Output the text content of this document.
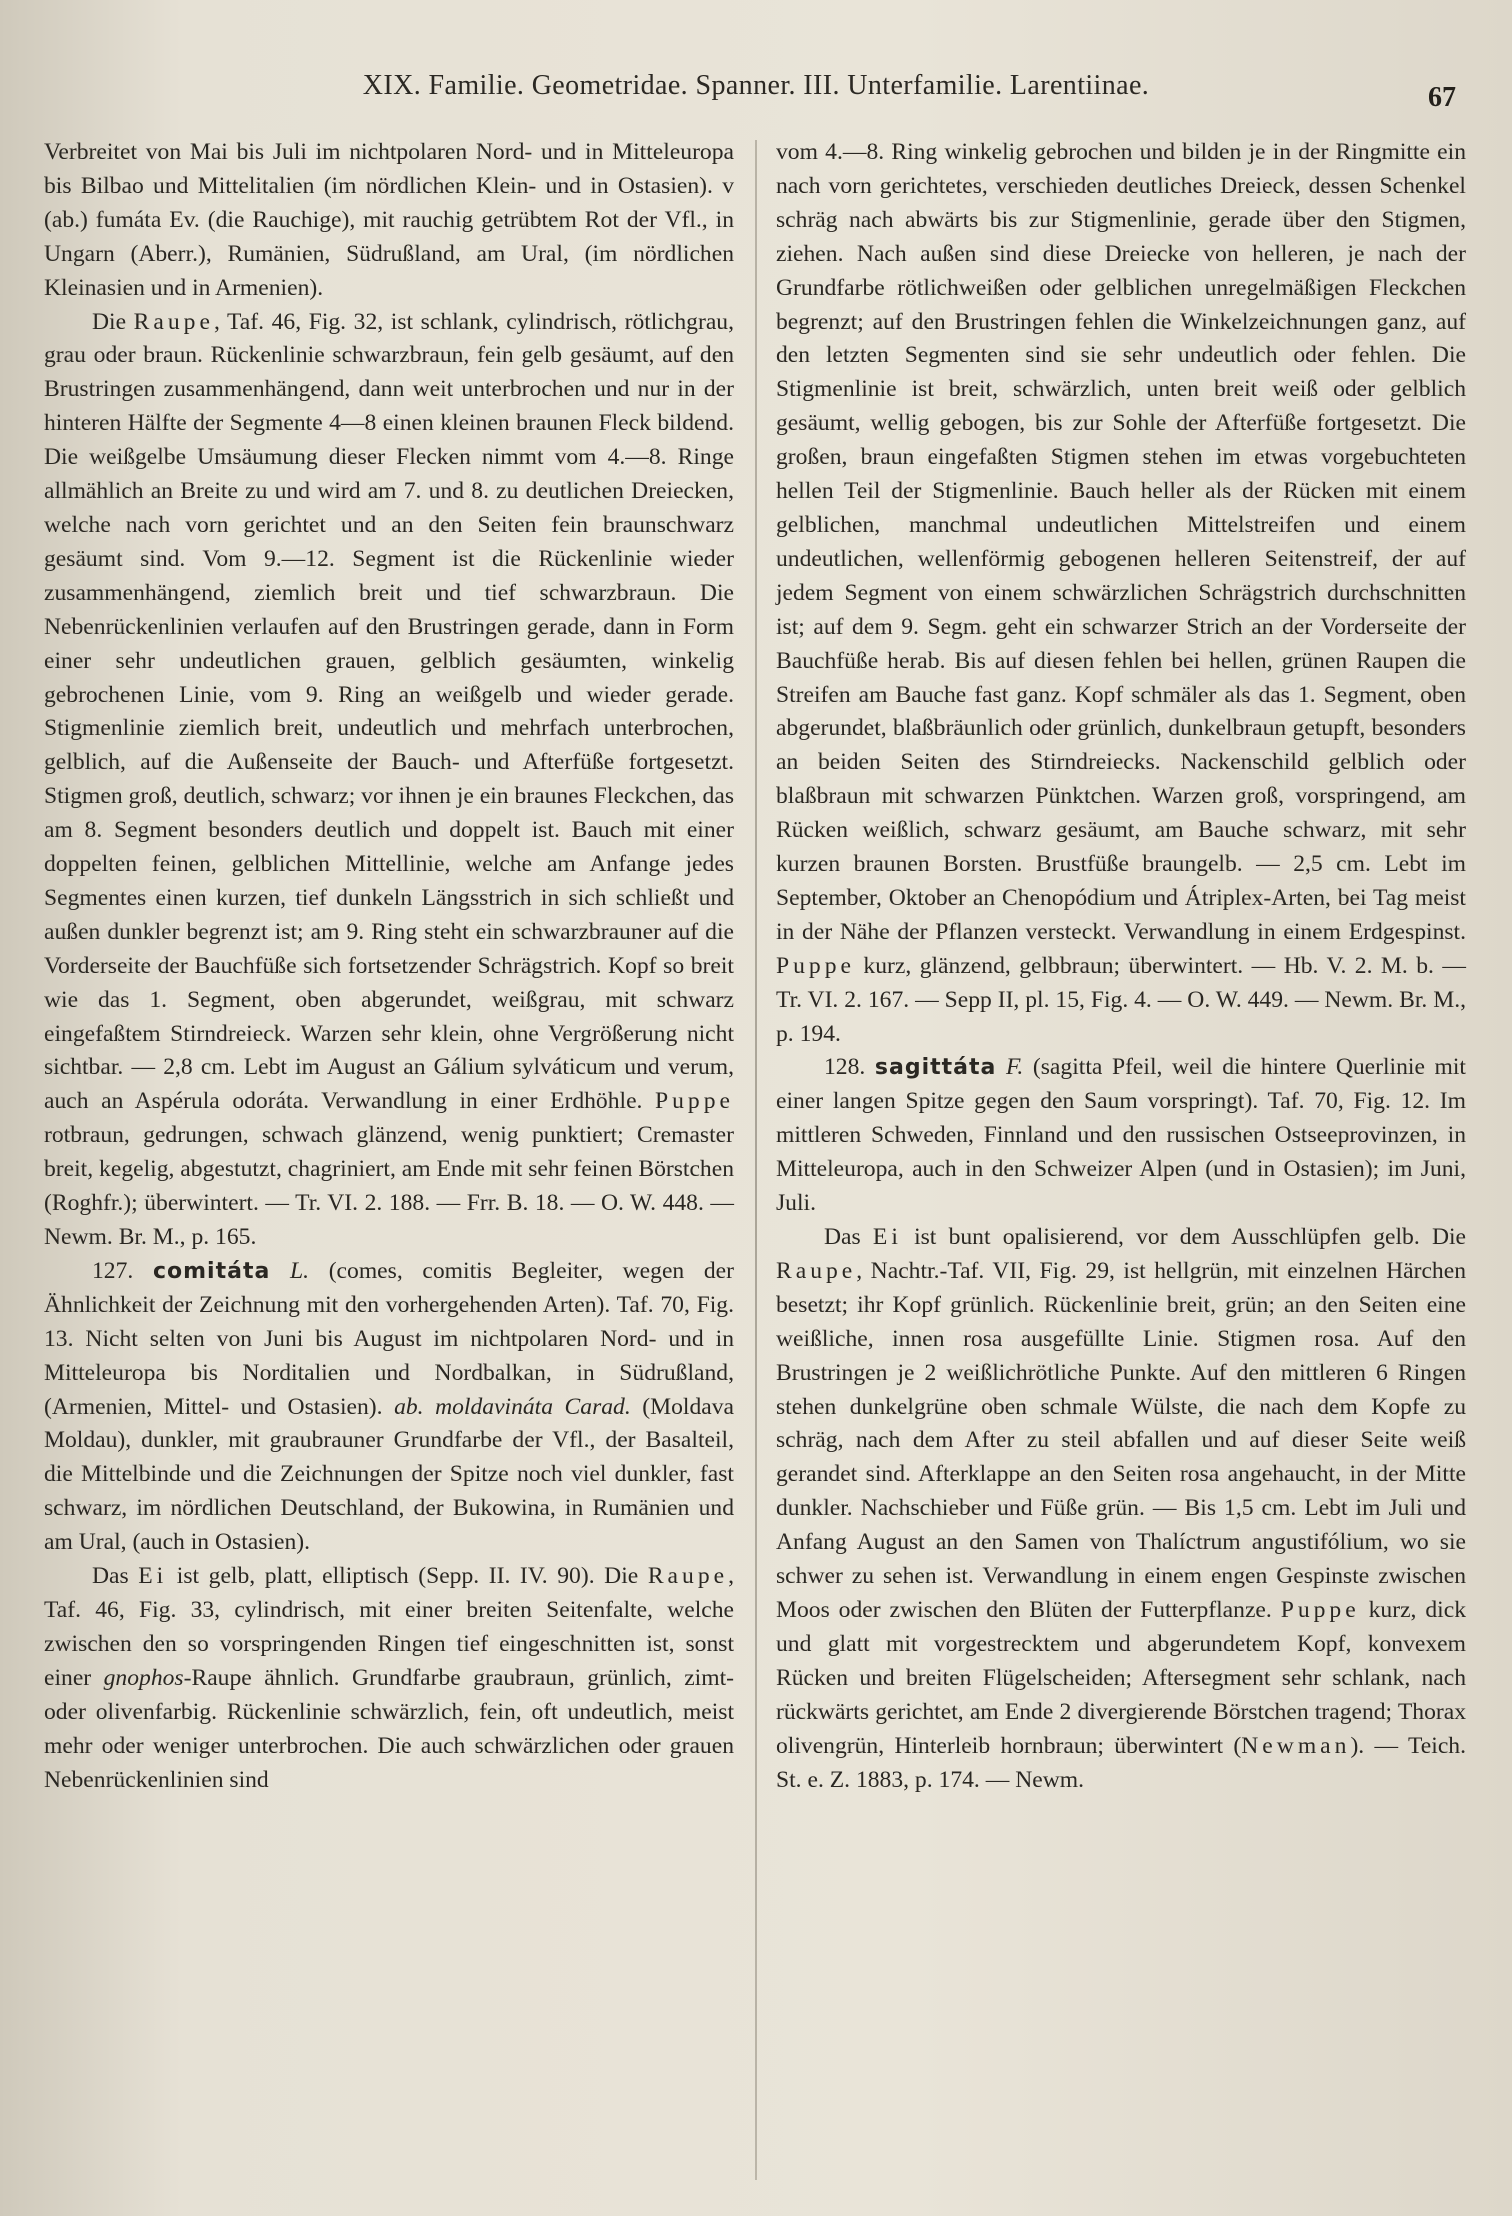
XIX. Familie. Geometridae. Spanner. III. Unterfamilie. Larentiinae.	67

Verbreitet von Mai bis Juli im nichtpolaren Nord- und in Mitteleuropa bis Bilbao und Mittelitalien (im nördlichen Klein- und in Ostasien). v (ab.) fumáta Ev. (die Rauchige), mit rauchig getrübtem Rot der Vfl., in Ungarn (Aberr.), Rumänien, Südrußland, am Ural, (im nördlichen Kleinasien und in Armenien).

Die Raupe, Taf. 46, Fig. 32, ist schlank, cylindrisch, rötlichgrau, grau oder braun. Rückenlinie schwarzbraun, fein gelb gesäumt, auf den Brustringen zusammenhängend, dann weit unterbrochen und nur in der hinteren Hälfte der Segmente 4—8 einen kleinen braunen Fleck bildend. Die weißgelbe Umsäumung dieser Flecken nimmt vom 4.—8. Ringe allmählich an Breite zu und wird am 7. und 8. zu deutlichen Dreiecken, welche nach vorn gerichtet und an den Seiten fein braunschwarz gesäumt sind. Vom 9.—12. Segment ist die Rückenlinie wieder zusammenhängend, ziemlich breit und tief schwarzbraun. Die Nebenrückenlinien verlaufen auf den Brustringen gerade, dann in Form einer sehr undeutlichen grauen, gelblich gesäumten, winkelig gebrochenen Linie, vom 9. Ring an weißgelb und wieder gerade. Stigmenlinie ziemlich breit, undeutlich und mehrfach unterbrochen, gelblich, auf die Außenseite der Bauch- und Afterfüße fortgesetzt. Stigmen groß, deutlich, schwarz; vor ihnen je ein braunes Fleckchen, das am 8. Segment besonders deutlich und doppelt ist. Bauch mit einer doppelten feinen, gelblichen Mittellinie, welche am Anfange jedes Segmentes einen kurzen, tief dunkeln Längsstrich in sich schließt und außen dunkler begrenzt ist; am 9. Ring steht ein schwarzbrauner auf die Vorderseite der Bauchfüße sich fortsetzender Schrägstrich. Kopf so breit wie das 1. Segment, oben abgerundet, weißgrau, mit schwarz eingefaßtem Stirndreieck. Warzen sehr klein, ohne Vergrößerung nicht sichtbar. — 2,8 cm. Lebt im August an Gálium sylváticum und verum, auch an Aspérula odoráta. Verwandlung in einer Erdhöhle. Puppe rotbraun, gedrungen, schwach glänzend, wenig punktiert; Cremaster breit, kegelig, abgestutzt, chagriniert, am Ende mit sehr feinen Börstchen (Roghfr.); überwintert. — Tr. VI. 2. 188. — Frr. B. 18. — O. W. 448. — Newm. Br. M., p. 165.

127. comitáta L. (comes, comitis Begleiter, wegen der Ähnlichkeit der Zeichnung mit den vorhergehenden Arten). Taf. 70, Fig. 13. Nicht selten von Juni bis August im nichtpolaren Nord- und in Mitteleuropa bis Norditalien und Nordbalkan, in Südrußland, (Armenien, Mittel- und Ostasien). ab. moldavináta Carad. (Moldava Moldau), dunkler, mit graubrauner Grundfarbe der Vfl., der Basalteil, die Mittelbinde und die Zeichnungen der Spitze noch viel dunkler, fast schwarz, im nördlichen Deutschland, der Bukowina, in Rumänien und am Ural, (auch in Ostasien).

Das Ei ist gelb, platt, elliptisch (Sepp. II. IV. 90). Die Raupe, Taf. 46, Fig. 33, cylindrisch, mit einer breiten Seitenfalte, welche zwischen den so vorspringenden Ringen tief eingeschnitten ist, sonst einer gnophos-Raupe ähnlich. Grundfarbe graubraun, grünlich, zimt- oder olivenfarbig. Rückenlinie schwärzlich, fein, oft undeutlich, meist mehr oder weniger unterbrochen. Die auch schwärzlichen oder grauen Nebenrückenlinien sind

vom 4.—8. Ring winkelig gebrochen und bilden je in der Ringmitte ein nach vorn gerichtetes, verschieden deutliches Dreieck, dessen Schenkel schräg nach abwärts bis zur Stigmenlinie, gerade über den Stigmen, ziehen. Nach außen sind diese Dreiecke von helleren, je nach der Grundfarbe rötlichweißen oder gelblichen unregelmäßigen Fleckchen begrenzt; auf den Brustringen fehlen die Winkelzeichnungen ganz, auf den letzten Segmenten sind sie sehr undeutlich oder fehlen. Die Stigmenlinie ist breit, schwärzlich, unten breit weiß oder gelblich gesäumt, wellig gebogen, bis zur Sohle der Afterfüße fortgesetzt. Die großen, braun eingefaßten Stigmen stehen im etwas vorgebuchteten hellen Teil der Stigmenlinie. Bauch heller als der Rücken mit einem gelblichen, manchmal undeutlichen Mittelstreifen und einem undeutlichen, wellenförmig gebogenen helleren Seitenstreif, der auf jedem Segment von einem schwärzlichen Schrägstrich durchschnitten ist; auf dem 9. Segm. geht ein schwarzer Strich an der Vorderseite der Bauchfüße herab. Bis auf diesen fehlen bei hellen, grünen Raupen die Streifen am Bauche fast ganz. Kopf schmäler als das 1. Segment, oben abgerundet, blaßbräunlich oder grünlich, dunkelbraun getupft, besonders an beiden Seiten des Stirndreiecks. Nackenschild gelblich oder blaßbraun mit schwarzen Pünktchen. Warzen groß, vorspringend, am Rücken weißlich, schwarz gesäumt, am Bauche schwarz, mit sehr kurzen braunen Borsten. Brustfüße braungelb. — 2,5 cm. Lebt im September, Oktober an Chenopódium und Átriplex-Arten, bei Tag meist in der Nähe der Pflanzen versteckt. Verwandlung in einem Erdgespinst. Puppe kurz, glänzend, gelbbraun; überwintert. — Hb. V. 2. M. b. — Tr. VI. 2. 167. — Sepp II, pl. 15, Fig. 4. — O. W. 449. — Newm. Br. M., p. 194.

128. sagittáta F. (sagitta Pfeil, weil die hintere Querlinie mit einer langen Spitze gegen den Saum vorspringt). Taf. 70, Fig. 12. Im mittleren Schweden, Finnland und den russischen Ostseeprovinzen, in Mitteleuropa, auch in den Schweizer Alpen (und in Ostasien); im Juni, Juli.

Das Ei ist bunt opalisierend, vor dem Ausschlüpfen gelb. Die Raupe, Nachtr.-Taf. VII, Fig. 29, ist hellgrün, mit einzelnen Härchen besetzt; ihr Kopf grünlich. Rückenlinie breit, grün; an den Seiten eine weißliche, innen rosa ausgefüllte Linie. Stigmen rosa. Auf den Brustringen je 2 weißlichrötliche Punkte. Auf den mittleren 6 Ringen stehen dunkelgrüne oben schmale Wülste, die nach dem Kopfe zu schräg, nach dem After zu steil abfallen und auf dieser Seite weiß gerandet sind. Afterklappe an den Seiten rosa angehaucht, in der Mitte dunkler. Nachschieber und Füße grün. — Bis 1,5 cm. Lebt im Juli und Anfang August an den Samen von Thalíctrum angustifólium, wo sie schwer zu sehen ist. Verwandlung in einem engen Gespinste zwischen Moos oder zwischen den Blüten der Futterpflanze. Puppe kurz, dick und glatt mit vorgestrecktem und abgerundetem Kopf, konvexem Rücken und breiten Flügelscheiden; Aftersegment sehr schlank, nach rückwärts gerichtet, am Ende 2 divergierende Börstchen tragend; Thorax olivengrün, Hinterleib hornbraun; überwintert (Newman). — Teich. St. e. Z. 1883, p. 174. — Newm.
